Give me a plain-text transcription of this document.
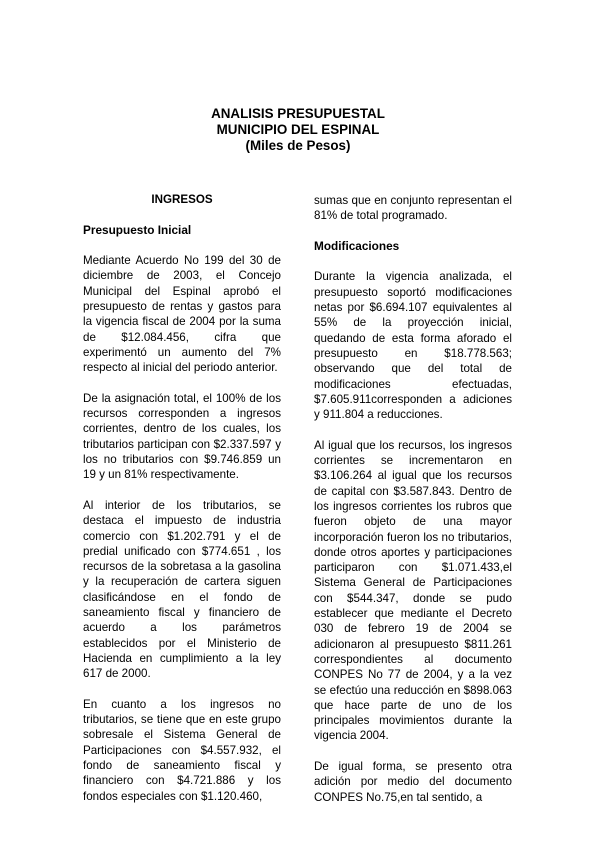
ANALISIS PRESUPUESTAL
MUNICIPIO DEL ESPINAL
(Miles de Pesos)
INGRESOS
Presupuesto Inicial

Mediante Acuerdo No 199 del 30 de diciembre de 2003, el Concejo Municipal del Espinal aprobó el presupuesto de rentas y gastos para la vigencia fiscal de 2004 por la suma de $12.084.456, cifra que experimentó un aumento del 7% respecto al inicial del periodo anterior.

De la asignación total, el 100% de los recursos corresponden a ingresos corrientes, dentro de los cuales, los tributarios participan con $2.337.597 y los no tributarios con $9.746.859 un 19 y un 81% respectivamente.

Al interior de los tributarios, se destaca el impuesto de industria comercio con $1.202.791 y el de predial unificado con $774.651 , los recursos de la sobretasa a la gasolina y la recuperación de cartera siguen clasificándose en el fondo de saneamiento fiscal y financiero de acuerdo a los parámetros establecidos por el Ministerio de Hacienda en cumplimiento a la ley 617 de 2000.

En cuanto a los ingresos no tributarios, se tiene que en este grupo sobresale el Sistema General de Participaciones con $4.557.932, el fondo de saneamiento fiscal y financiero con $4.721.886 y los fondos especiales con $1.120.460,

sumas que en conjunto representan el 81% de total programado.

Modificaciones

Durante la vigencia analizada, el presupuesto soportó modificaciones netas por $6.694.107 equivalentes al 55% de la proyección inicial, quedando de esta forma aforado el presupuesto en $18.778.563; observando que del total de modificaciones efectuadas, $7.605.911corresponden a adiciones y 911.804 a reducciones.

Al igual que los recursos, los ingresos corrientes se incrementaron en $3.106.264 al igual que los recursos de capital con $3.587.843. Dentro de los ingresos corrientes los rubros que fueron objeto de una mayor incorporación fueron los no tributarios, donde otros aportes y participaciones participaron con $1.071.433,el Sistema General de Participaciones con $544.347, donde se pudo establecer que mediante el Decreto 030 de febrero 19 de 2004 se adicionaron al presupuesto $811.261 correspondientes al documento CONPES No 77 de 2004, y a la vez se efectúo una reducción en $898.063 que hace parte de uno de los principales movimientos durante la vigencia 2004.

De igual forma, se presento otra adición por medio del documento CONPES No.75,en tal sentido, a
